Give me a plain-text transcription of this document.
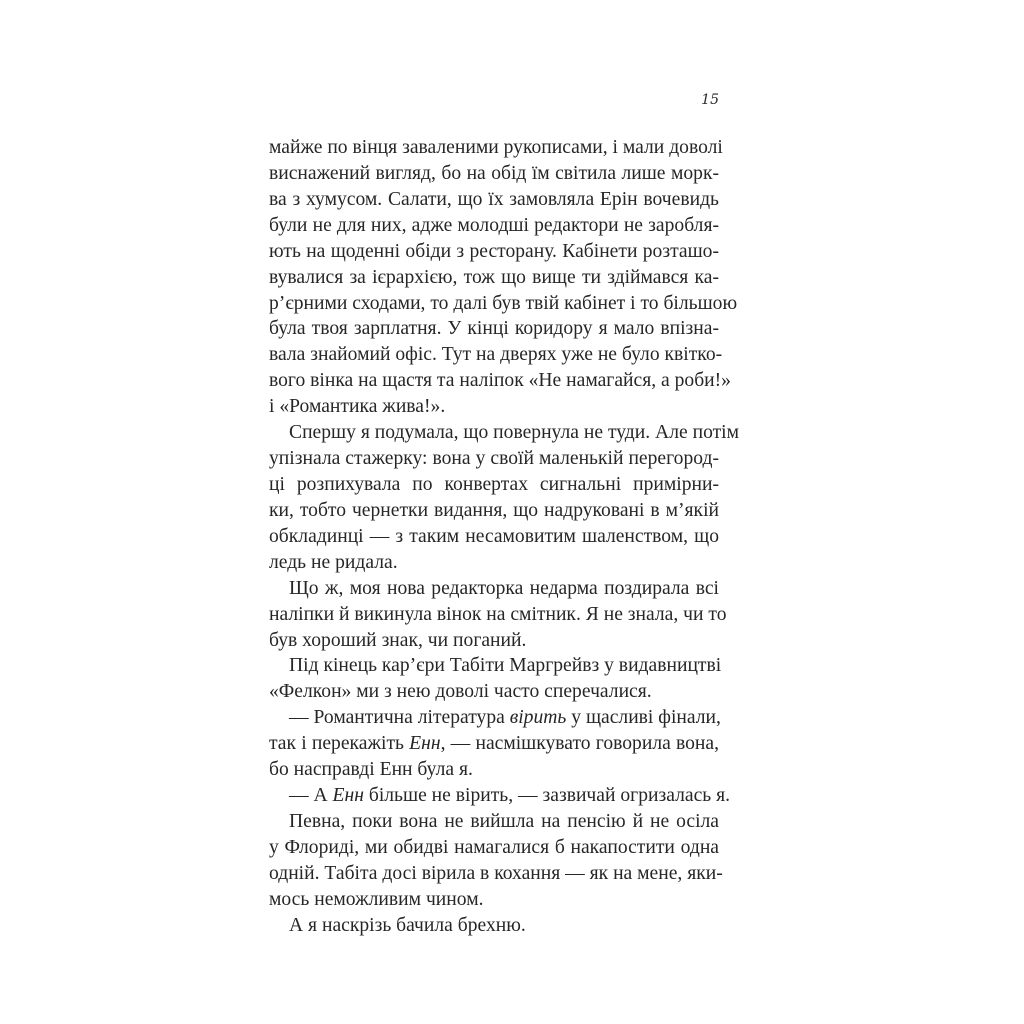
15
майже по вінця заваленими рукописами, і мали доволі
виснажений вигляд, бо на обід їм світила лише морк-
ва з хумусом. Салати, що їх замовляла Ерін вочевидь
були не для них, адже молодші редактори не заробля-
ють на щоденні обіди з ресторану. Кабінети розташо-
вувалися за ієрархією, тож що вище ти здіймався ка-
р’єрними сходами, то далі був твій кабінет і то більшою
була твоя зарплатня. У кінці коридору я мало впізна-
вала знайомий офіс. Тут на дверях уже не було квітко-
вого вінка на щастя та наліпок «Не намагайся, а роби!»
і «Романтика жива!».
Спершу я подумала, що повернула не туди. Але потім
упізнала стажерку: вона у своїй маленькій перегород-
ці розпихувала по конвертах сигнальні примірни-
ки, тобто чернетки видання, що надруковані в м’якій
обкладинці — з таким несамовитим шаленством, що
ледь не ридала.
Що ж, моя нова редакторка недарма поздирала всі
наліпки й викинула вінок на смітник. Я не знала, чи то
був хороший знак, чи поганий.
Під кінець кар’єри Табіти Маргрейвз у видавництві
«Фелкон» ми з нею доволі часто сперечалися.
— Романтична література вірить у щасливі фінали,
так і перекажіть Енн, — насмішкувато говорила вона,
бо насправді Енн була я.
— А Енн більше не вірить, — зазвичай огризалась я.
Певна, поки вона не вийшла на пенсію й не осіла
у Флориді, ми обидві намагалися б накапостити одна
одній. Табіта досі вірила в кохання — як на мене, яки-
мось неможливим чином.
А я наскрізь бачила брехню.
